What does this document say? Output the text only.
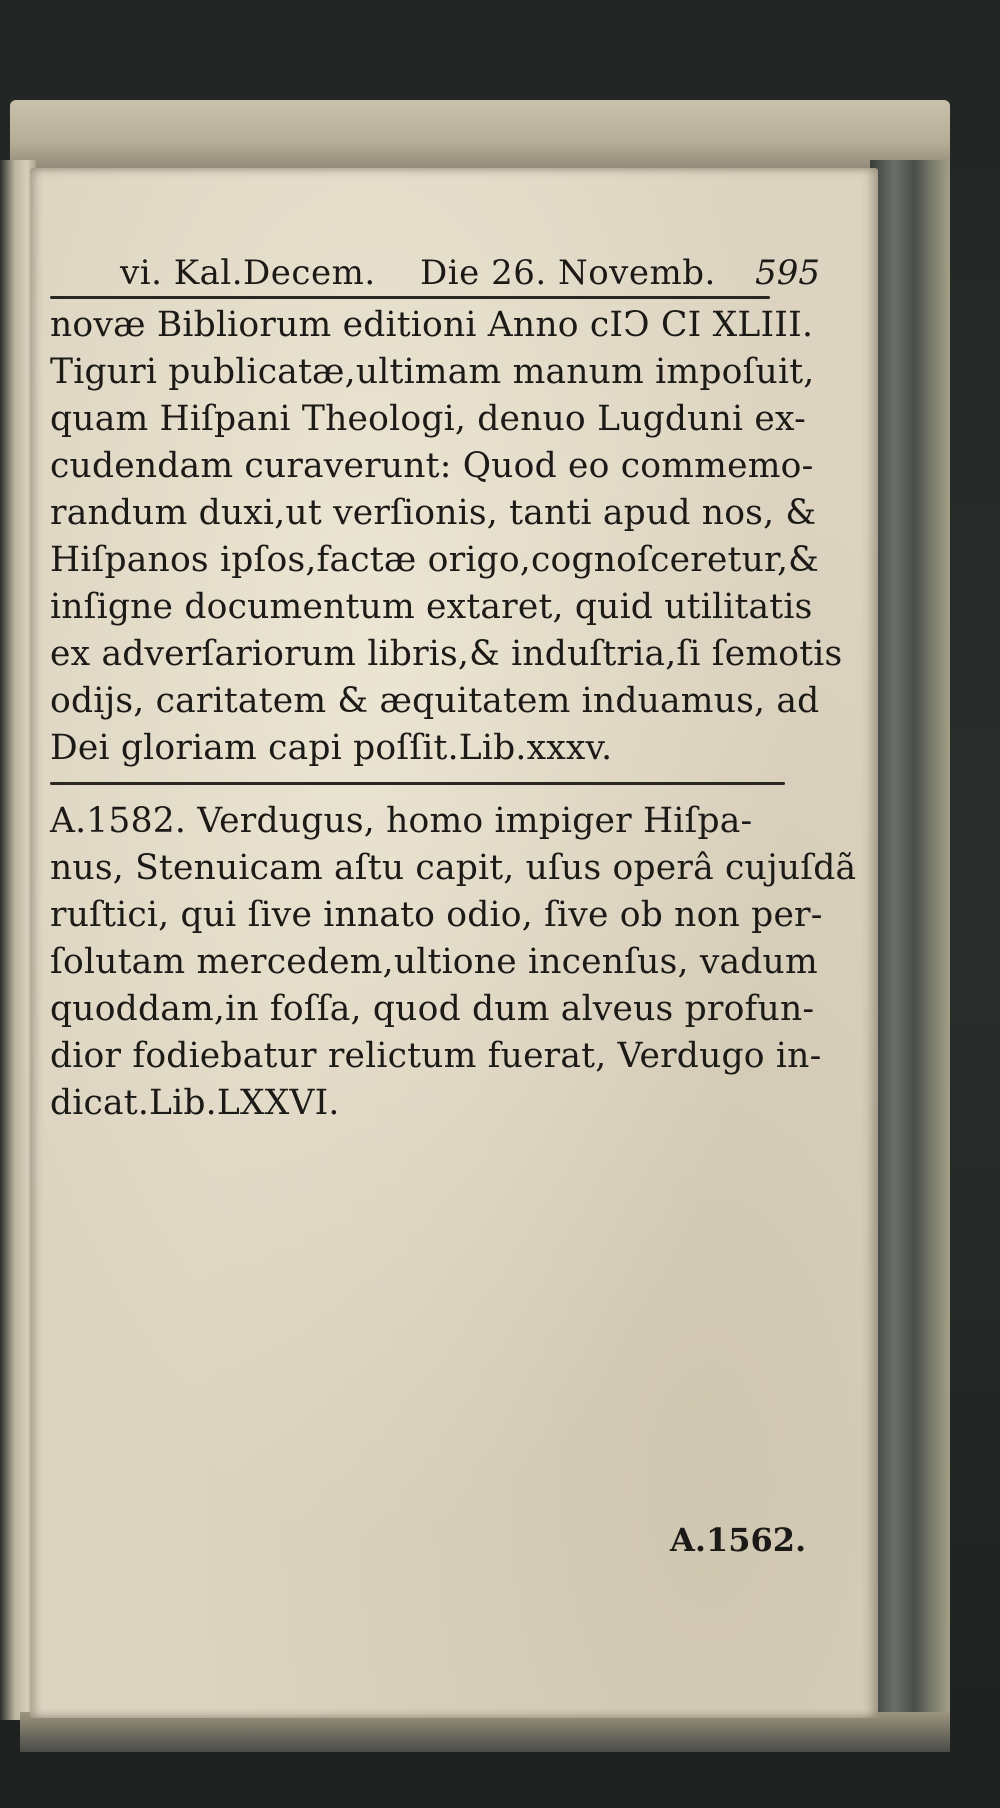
vi. Kal.Decem. Die 26. Novemb. 595
novæ Bibliorum editioni Anno cIↃ CI XLIII.
Tiguri publicatæ,ultimam manum impoſuit,
quam Hiſpani Theologi, denuo Lugduni ex-
cudendam curaverunt: Quod eo commemo-
randum duxi,ut verſionis, tanti apud nos, &
Hiſpanos ipſos,factæ origo,cognoſceretur,&
inſigne documentum extaret, quid utilitatis
ex adverſariorum libris,& induſtria,ſi ſemotis
odijs, caritatem & æquitatem induamus, ad
Dei gloriam capi poſſit.Lib.xxxv.
A.1582. Verdugus, homo impiger Hiſpa-
nus, Stenuicam aſtu capit, uſus operâ cujuſdã
ruſtici, qui ſive innato odio, ſive ob non per-
ſolutam mercedem,ultione incenſus, vadum
quoddam,in foſſa, quod dum alveus profun-
dior fodiebatur relictum fuerat, Verdugo in-
dicat.Lib.LXXVI.
A.1562.
